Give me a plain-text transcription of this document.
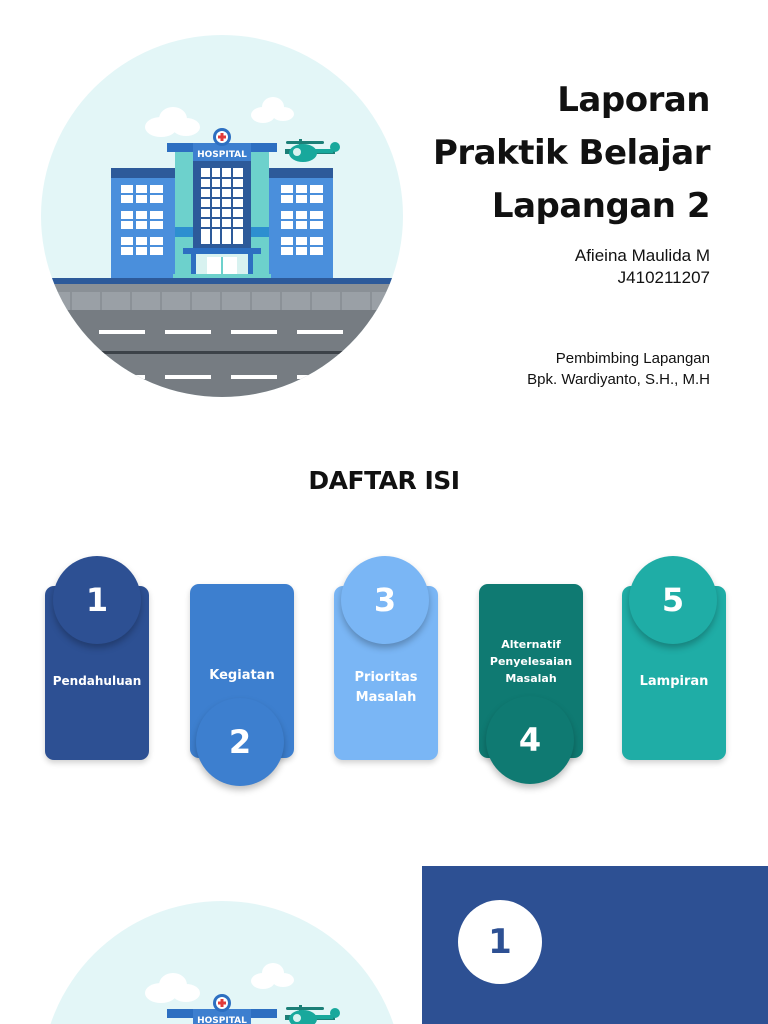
HOSPITAL
Laporan
Praktik Belajar
Lapangan 2
Afieina Maulida M
J410211207
Pembimbing Lapangan
Bpk. Wardiyanto, S.H., M.H
DAFTAR ISI
Pendahuluan
1
Kegiatan
2
Prioritas Masalah
3
Alternatif Penyelesaian Masalah
4
Lampiran
5
HOSPITAL
1
